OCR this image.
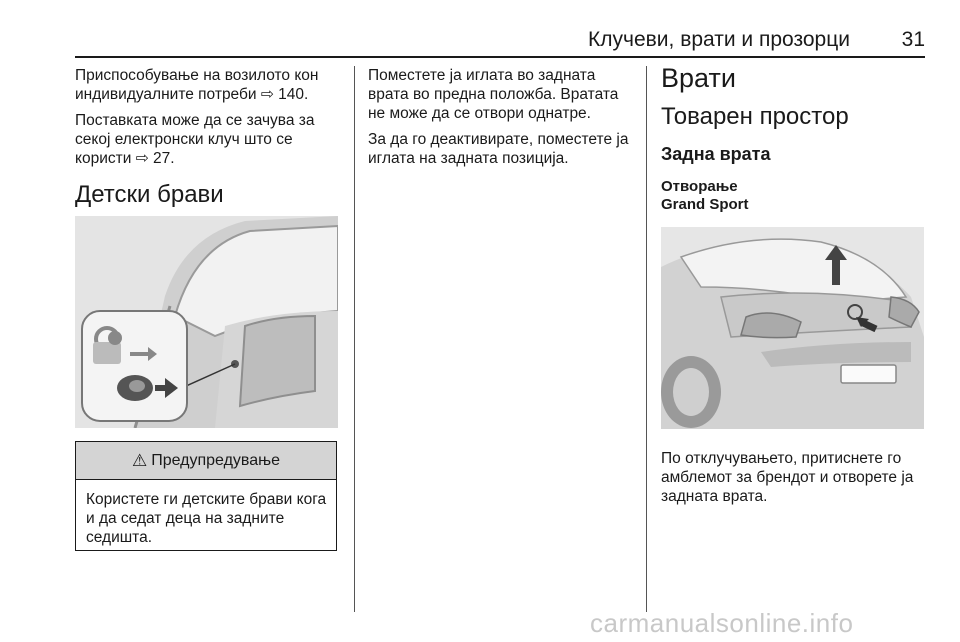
Клучеви, врати и прозорци	31

Приспособувањe на возилото кон индивидуалните потреби ⇨ 140.

Поставката може да се зачува за секој електронски клуч што се користи ⇨ 27.

Детски брави
⚠ Предупредување
Користете ги детските брави кога и да седат деца на задните седишта.

Поместете ја иглата во задната врата во предна положба. Вратата не може да се отвори однатре.

За да го деактивирате, поместете ја иглата на задната позиција.

Врати
Товарен простор
Задна врата
Отворање
Grand Sport
По отклучувањето, притиснете го амблемот за брендот и отворете ја задната врата.
carmanualsonline.info
